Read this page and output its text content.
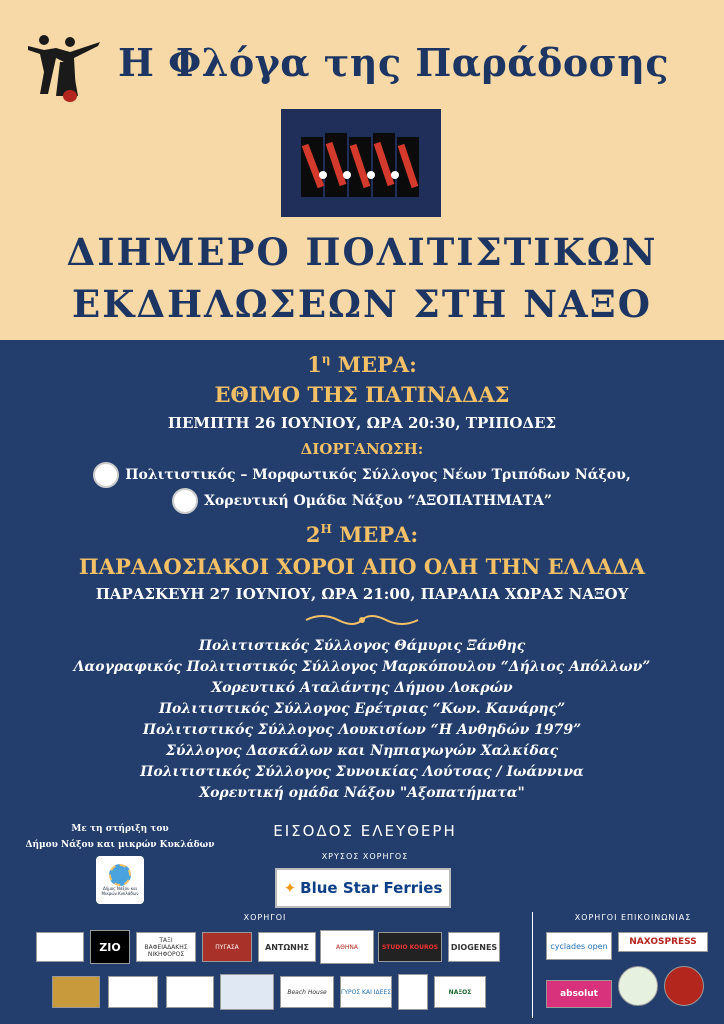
Η Φλόγα της Παράδοσης
ΔΙΗΜΕΡΟ ΠΟΛΙΤΙΣΤΙΚΩΝ
ΕΚΔΗΛΩΣΕΩΝ ΣΤΗ ΝΑΞΟ
$1^\eta$ ΜΕΡΑ:
ΕΘΙΜΟ ΤΗΣ ΠΑΤΙΝΑΔΑΣ
ΠΕΜΠΤΗ 26 ΙΟΥΝΙΟΥ, ΩΡΑ 20:30, ΤΡΙΠΟΔΕΣ
ΔΙΟΡΓΑΝΩΣΗ:
Πολιτιστικός – Μορφωτικός Σύλλογος Νέων Τριπόδων Νάξου,
Χορευτική Ομάδα Νάξου “ΑΞΟΠΑΤΗΜΑΤΑ”
$2^H$ ΜΕΡΑ:
ΠΑΡΑΔΟΣΙΑΚΟΙ ΧΟΡΟΙ ΑΠΟ ΟΛΗ ΤΗΝ ΕΛΛΑΔΑ
ΠΑΡΑΣΚΕΥΗ 27 ΙΟΥΝΙΟΥ, ΩΡΑ 21:00, ΠΑΡΑΛΙΑ ΧΩΡΑΣ ΝΑΞΟΥ
Πολιτιστικός Σύλλογος Θάμυρις Ξάνθης
Λαογραφικός Πολιτιστικός Σύλλογος Μαρκόπουλου “Δήλιος Απόλλων”
Χορευτικό Αταλάντης Δήμου Λοκρών
Πολιτιστικός Σύλλογος Ερέτριας “Κων. Κανάρης”
Πολιτιστικός Σύλλογος Λουκισίων “Η Ανθηδών 1979”
Σύλλογος Δασκάλων και Νηπιαγωγών Χαλκίδας
Πολιτιστικός Σύλλογος Συνοικίας Λούτσας / Ιωάννινα
Χορευτική ομάδα Νάξου "Αξοπατήματα"
Με τη στήριξη του
Δήμου Νάξου και μικρών Κυκλάδων
Δήμος Νάξου και Μικρών Κυκλάδων
ΕΙΣΟΔΟΣ ΕΛΕΥΘΕΡΗ
ΧΡΥΣΟΣ ΧΟΡΗΓΟΣ
✦ Blue Star Ferries
ΧΟΡΗΓΟΙ	ΧΟΡΗΓΟΙ ΕΠΙΚΟΙΝΩΝΙΑΣ
ZIO
ΤΑΞΙ ΒΑΦΕΙΑΔΑΚΗΣ ΝΙΚΗΦΟΡΟΣ
ΠΥΓΑΣΑ	ΑΝΤΩΝΗΣ	ΑΘΗΝΑ	STUDIO KOUROS	DIOGENES
Beach House	ΓΥΡΟΣ ΚΑΙ ΙΔΕΕΣ	ΝΑΞΟΣ
cyclades open	NAXOSPRESS
absolut
